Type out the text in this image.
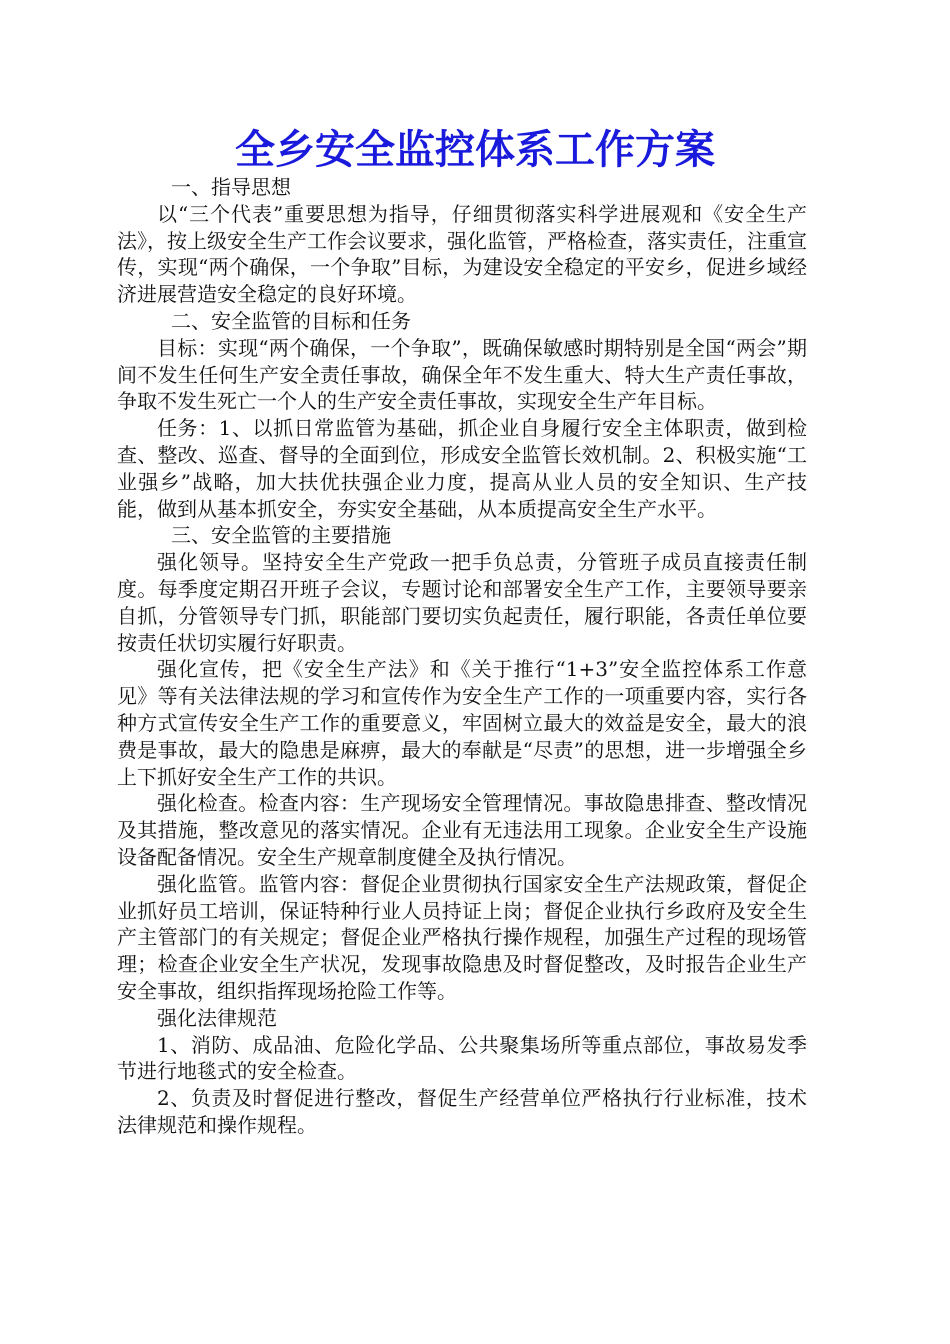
全乡安全监控体系工作方案

一、指导思想

以“三个代表”重要思想为指导，仔细贯彻落实科学进展观和《安全生产法》，按上级安全生产工作会议要求，强化监管，严格检查，落实责任，注重宣传，实现“两个确保，一个争取”目标，为建设安全稳定的平安乡，促进乡域经济进展营造安全稳定的良好环境。

二、安全监管的目标和任务

目标：实现“两个确保，一个争取”，既确保敏感时期特别是全国“两会”期间不发生任何生产安全责任事故，确保全年不发生重大、特大生产责任事故，争取不发生死亡一个人的生产安全责任事故，实现安全生产年目标。

任务：1、以抓日常监管为基础，抓企业自身履行安全主体职责，做到检查、整改、巡查、督导的全面到位，形成安全监管长效机制。2、积极实施“工业强乡”战略，加大扶优扶强企业力度，提高从业人员的安全知识、生产技能，做到从基本抓安全，夯实安全基础，从本质提高安全生产水平。

三、安全监管的主要措施

强化领导。坚持安全生产党政一把手负总责，分管班子成员直接责任制度。每季度定期召开班子会议，专题讨论和部署安全生产工作，主要领导要亲自抓，分管领导专门抓，职能部门要切实负起责任，履行职能，各责任单位要按责任状切实履行好职责。

强化宣传，把《安全生产法》和《关于推行“1+3”安全监控体系工作意见》等有关法律法规的学习和宣传作为安全生产工作的一项重要内容，实行各种方式宣传安全生产工作的重要意义，牢固树立最大的效益是安全，最大的浪费是事故，最大的隐患是麻痹，最大的奉献是“尽责”的思想，进一步增强全乡上下抓好安全生产工作的共识。

强化检查。检查内容：生产现场安全管理情况。事故隐患排查、整改情况及其措施，整改意见的落实情况。企业有无违法用工现象。企业安全生产设施设备配备情况。安全生产规章制度健全及执行情况。

强化监管。监管内容：督促企业贯彻执行国家安全生产法规政策，督促企业抓好员工培训，保证特种行业人员持证上岗；督促企业执行乡政府及安全生产主管部门的有关规定；督促企业严格执行操作规程，加强生产过程的现场管理；检查企业安全生产状况，发现事故隐患及时督促整改，及时报告企业生产安全事故，组织指挥现场抢险工作等。

强化法律规范

1、消防、成品油、危险化学品、公共聚集场所等重点部位，事故易发季节进行地毯式的安全检查。

2、负责及时督促进行整改，督促生产经营单位严格执行行业标准，技术法律规范和操作规程。
